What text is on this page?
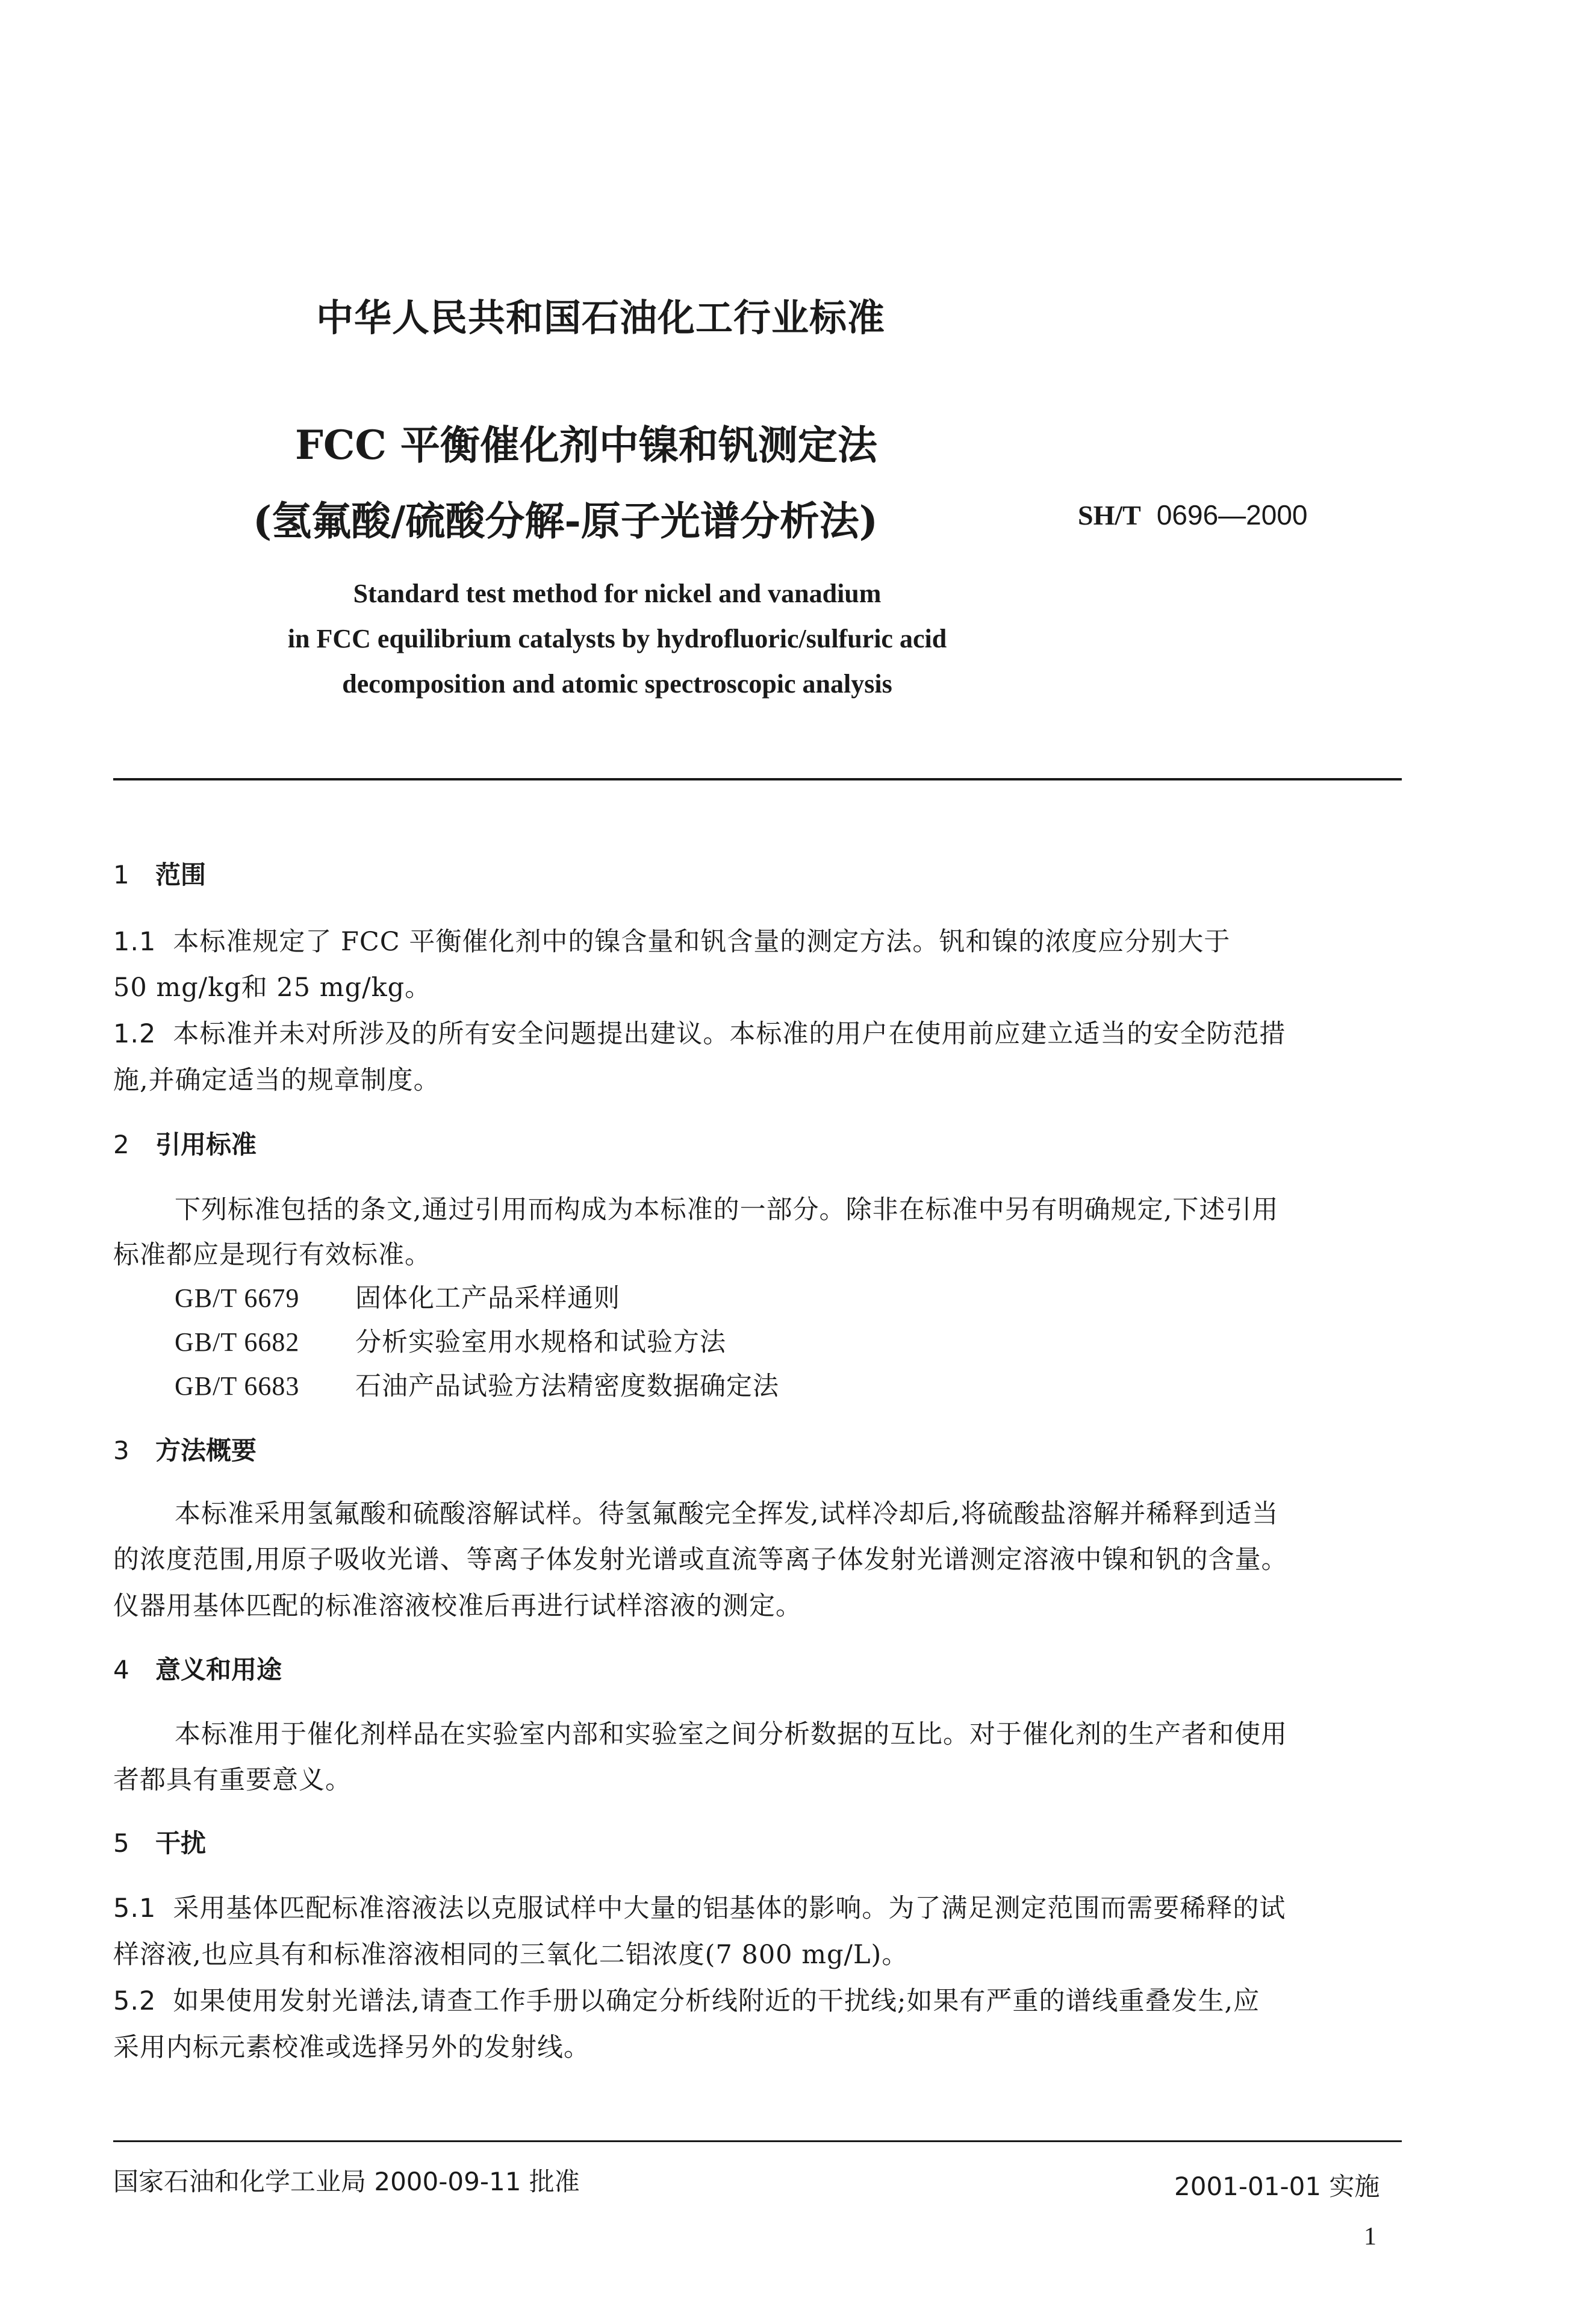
中华人民共和国石油化工行业标准
FCC 平衡催化剂中镍和钒测定法
(氢氟酸/硫酸分解-原子光谱分析法)	SH/T 0696—2000
Standard test method for nickel and vanadium
in FCC equilibrium catalysts by hydrofluoric/sulfuric acid
decomposition and atomic spectroscopic analysis
1 范围
1.1 本标准规定了 FCC 平衡催化剂中的镍含量和钒含量的测定方法。钒和镍的浓度应分别大于
50 mg/kg和 25 mg/kg。
1.2 本标准并未对所涉及的所有安全问题提出建议。本标准的用户在使用前应建立适当的安全防范措
施,并确定适当的规章制度。
2 引用标准
下列标准包括的条文,通过引用而构成为本标准的一部分。除非在标准中另有明确规定,下述引用
标准都应是现行有效标准。
GB/T 6679 固体化工产品采样通则
GB/T 6682 分析实验室用水规格和试验方法
GB/T 6683 石油产品试验方法精密度数据确定法
3 方法概要
本标准采用氢氟酸和硫酸溶解试样。待氢氟酸完全挥发,试样冷却后,将硫酸盐溶解并稀释到适当
的浓度范围,用原子吸收光谱、等离子体发射光谱或直流等离子体发射光谱测定溶液中镍和钒的含量。
仪器用基体匹配的标准溶液校准后再进行试样溶液的测定。
4 意义和用途
本标准用于催化剂样品在实验室内部和实验室之间分析数据的互比。对于催化剂的生产者和使用
者都具有重要意义。
5 干扰
5.1 采用基体匹配标准溶液法以克服试样中大量的铝基体的影响。为了满足测定范围而需要稀释的试
样溶液,也应具有和标准溶液相同的三氧化二铝浓度(7 800 mg/L)。
5.2 如果使用发射光谱法,请查工作手册以确定分析线附近的干扰线;如果有严重的谱线重叠发生,应
采用内标元素校准或选择另外的发射线。
国家石油和化学工业局 2000-09-11 批准	2001-01-01 实施
1
